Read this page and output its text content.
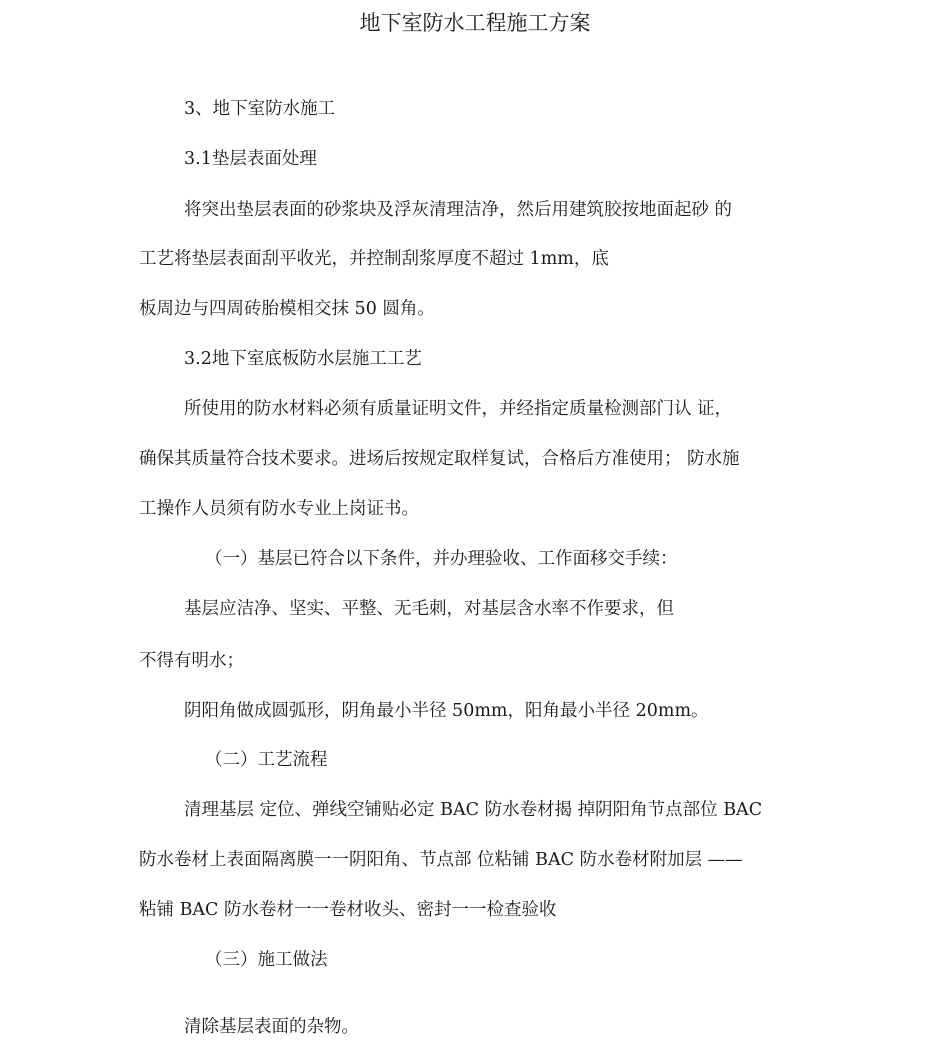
地下室防水工程施工方案
3、地下室防水施工
3.1垫层表面处理
将突出垫层表面的砂浆块及浮灰清理洁净，然后用建筑胶按地面起砂 的
工艺将垫层表面刮平收光，并控制刮浆厚度不超过 1mm，底
板周边与四周砖胎模相交抹 50 圆角。
3.2地下室底板防水层施工工艺
所使用的防水材料必须有质量证明文件，并经指定质量检测部门认 证，
确保其质量符合技术要求。进场后按规定取样复试，合格后方准使用； 防水施
工操作人员须有防水专业上岗证书。
（一）基层已符合以下条件，并办理验收、工作面移交手续：
基层应洁净、坚实、平整、无毛刺，对基层含水率不作要求，但
不得有明水；
阴阳角做成圆弧形，阴角最小半径 50mm，阳角最小半径 20mm。
（二）工艺流程
清理基层 定位、弹线空铺贴必定 BAC 防水卷材揭 掉阴阳角节点部位 BAC
防水卷材上表面隔离膜一一阴阳角、节点部 位粘铺 BAC 防水卷材附加层 ——
粘铺 BAC 防水卷材一一卷材收头、密封一一检查验收
（三）施工做法
清除基层表面的杂物。
